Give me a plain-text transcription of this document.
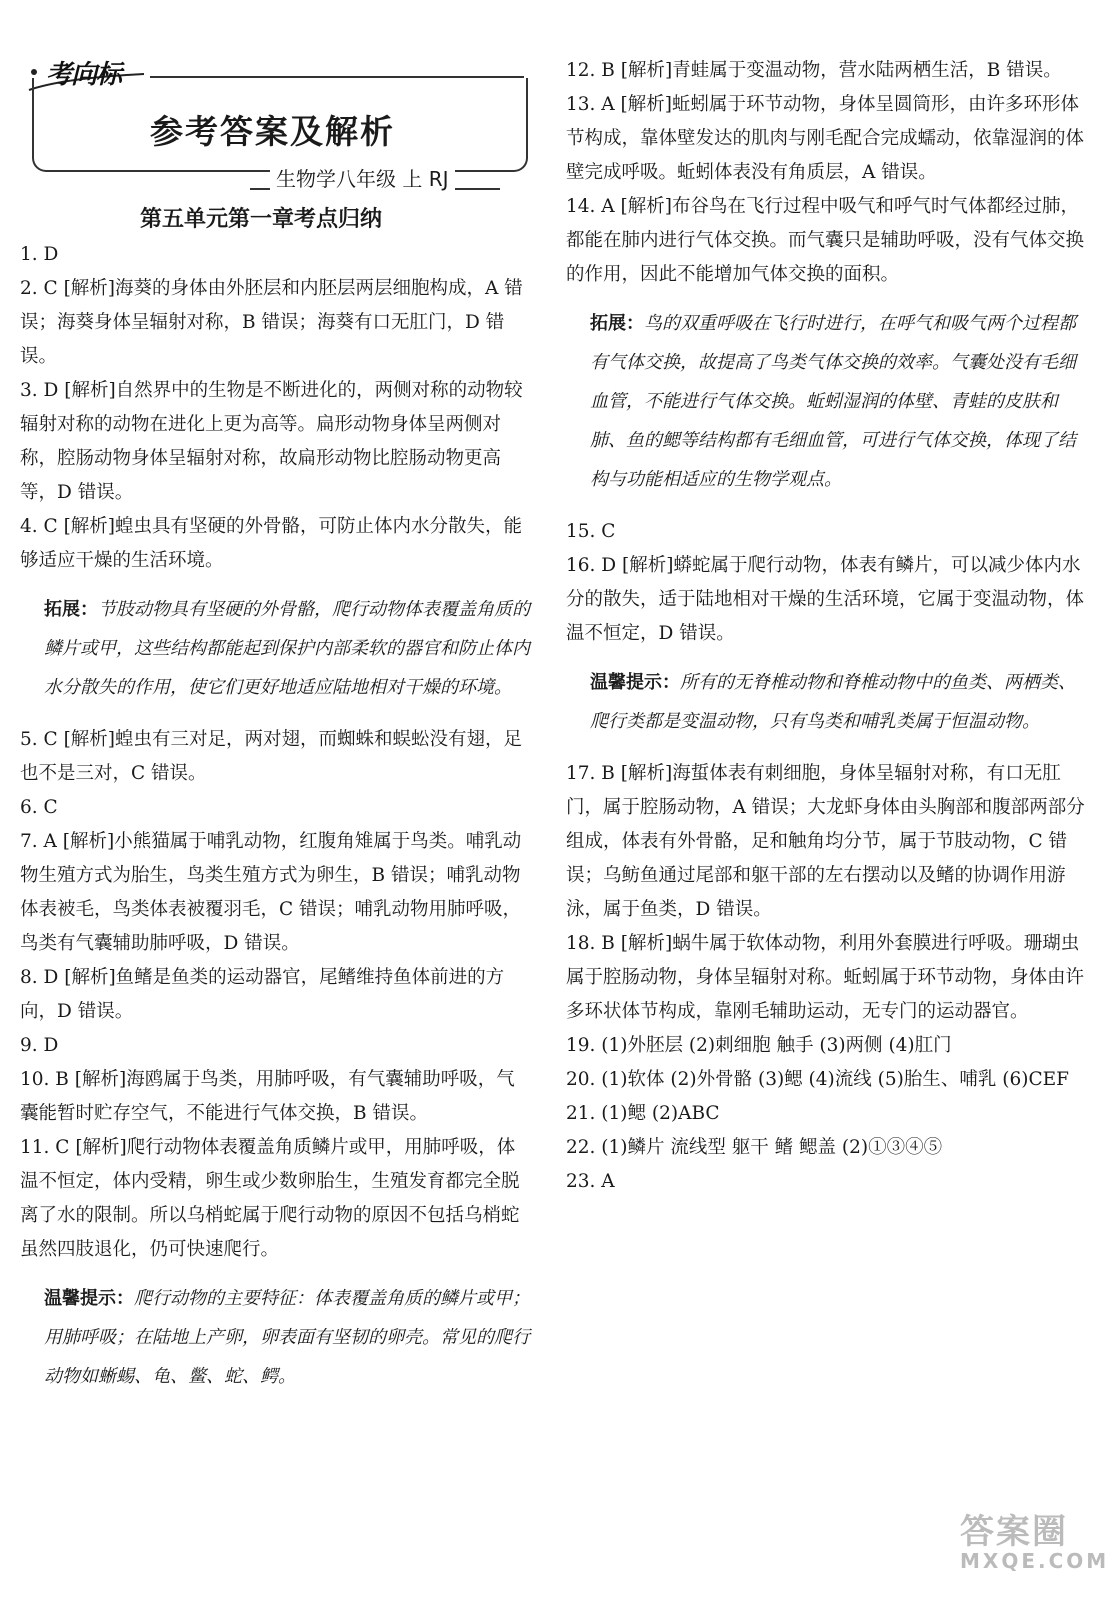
考向标
参考答案及解析
生物学八年级 上 RJ
第五单元第一章考点归纳

1. D

2. C [解析]海葵的身体由外胚层和内胚层两层细胞构成，A 错误；海葵身体呈辐射对称，B 错误；海葵有口无肛门，D 错误。

3. D [解析]自然界中的生物是不断进化的，两侧对称的动物较辐射对称的动物在进化上更为高等。扁形动物身体呈两侧对称，腔肠动物身体呈辐射对称，故扁形动物比腔肠动物更高等，D 错误。

4. C [解析]蝗虫具有坚硬的外骨骼，可防止体内水分散失，能够适应干燥的生活环境。

拓展：节肢动物具有坚硬的外骨骼，爬行动物体表覆盖角质的鳞片或甲，这些结构都能起到保护内部柔软的器官和防止体内水分散失的作用，使它们更好地适应陆地相对干燥的环境。

5. C [解析]蝗虫有三对足，两对翅，而蜘蛛和蜈蚣没有翅，足也不是三对，C 错误。

6. C

7. A [解析]小熊猫属于哺乳动物，红腹角雉属于鸟类。哺乳动物生殖方式为胎生，鸟类生殖方式为卵生，B 错误；哺乳动物体表被毛，鸟类体表被覆羽毛，C 错误；哺乳动物用肺呼吸，鸟类有气囊辅助肺呼吸，D 错误。

8. D [解析]鱼鳍是鱼类的运动器官，尾鳍维持鱼体前进的方向，D 错误。

9. D

10. B [解析]海鸥属于鸟类，用肺呼吸，有气囊辅助呼吸，气囊能暂时贮存空气，不能进行气体交换，B 错误。

11. C [解析]爬行动物体表覆盖角质鳞片或甲，用肺呼吸，体温不恒定，体内受精，卵生或少数卵胎生，生殖发育都完全脱离了水的限制。所以乌梢蛇属于爬行动物的原因不包括乌梢蛇虽然四肢退化，仍可快速爬行。

温馨提示：爬行动物的主要特征：体表覆盖角质的鳞片或甲；用肺呼吸；在陆地上产卵，卵表面有坚韧的卵壳。常见的爬行动物如蜥蜴、龟、鳖、蛇、鳄。

12. B [解析]青蛙属于变温动物，营水陆两栖生活，B 错误。

13. A [解析]蚯蚓属于环节动物，身体呈圆筒形，由许多环形体节构成，靠体壁发达的肌肉与刚毛配合完成蠕动，依靠湿润的体壁完成呼吸。蚯蚓体表没有角质层，A 错误。

14. A [解析]布谷鸟在飞行过程中吸气和呼气时气体都经过肺，都能在肺内进行气体交换。而气囊只是辅助呼吸，没有气体交换的作用，因此不能增加气体交换的面积。

拓展：鸟的双重呼吸在飞行时进行，在呼气和吸气两个过程都有气体交换，故提高了鸟类气体交换的效率。气囊处没有毛细血管，不能进行气体交换。蚯蚓湿润的体壁、青蛙的皮肤和肺、鱼的鳃等结构都有毛细血管，可进行气体交换，体现了结构与功能相适应的生物学观点。

15. C

16. D [解析]蟒蛇属于爬行动物，体表有鳞片，可以减少体内水分的散失，适于陆地相对干燥的生活环境，它属于变温动物，体温不恒定，D 错误。

温馨提示：所有的无脊椎动物和脊椎动物中的鱼类、两栖类、爬行类都是变温动物，只有鸟类和哺乳类属于恒温动物。

17. B [解析]海蜇体表有刺细胞，身体呈辐射对称，有口无肛门，属于腔肠动物，A 错误；大龙虾身体由头胸部和腹部两部分组成，体表有外骨骼，足和触角均分节，属于节肢动物，C 错误；乌鲂鱼通过尾部和躯干部的左右摆动以及鳍的协调作用游泳，属于鱼类，D 错误。

18. B [解析]蜗牛属于软体动物，利用外套膜进行呼吸。珊瑚虫属于腔肠动物，身体呈辐射对称。蚯蚓属于环节动物，身体由许多环状体节构成，靠刚毛辅助运动，无专门的运动器官。

19. (1)外胚层 (2)刺细胞 触手 (3)两侧 (4)肛门

20. (1)软体 (2)外骨骼 (3)鳃 (4)流线 (5)胎生、哺乳 (6)CEF

21. (1)鳃 (2)ABC

22. (1)鳞片 流线型 躯干 鳍 鳃盖 (2)①③④⑤

23. A

答案圈
MXQE.COM
